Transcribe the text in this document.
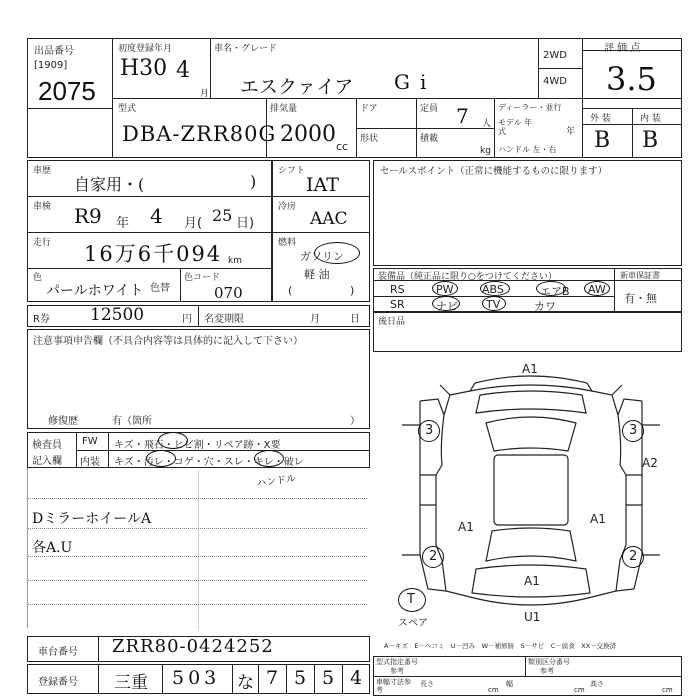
出品番号
[1909]
2075
初度登録年月
H30 4
月
車名・グレード
エスクァイア Gi
2WD
4WD
評 価 点
3.5
外 装	内 装
B B
型式
DBA-ZRR80G
排気量
2000 cc
ドア
形状
定員 7 人
積載
kg
ディーラー・並行
モデル 年式	年
ハンドル 左・右
車歴
自家用・(	)
車検 R9 年 4 月( 25 日)
走行 16万6千094 km
色
パールホワイト 色替
色コード
070
シフト
IAT
冷房
AAC
燃料
ガソリン
軽 油
(	)
セールスポイント（正常に機能するものに限ります）
装備品（純正品に限り○をつけてください）
RS	PW	ABS	エアB AW
SR	ナビ	TV	カワ
新車保証書
有・無
R券 12500	円 名変期限	月	日 後日品
注意事項申告欄（不具合内容等は具体的に記入して下さい）
修復歴	有（箇所	）
検査員
記入欄
FW キズ・飛石・ヒビ割・リペア跡・X要
内装 キズ・汚レ・コゲ・穴・スレ・キレ・破レ
ハンドル
DミラーホイールA
各A.U
A1
A1
A1
A1
A2
U1
3	3
2	2
T
スペア
A－キズ　E－ヘコミ　U－凹み　W－補修跡　S－サビ　C－腐食　XX－交換済
車台番号 ZRR80-0424252
登録番号 三重 503 な 7 5 5 4
型式指定番号
参考
類別区分番号
参考
車幅寸法参考
長さ
cm
幅
cm
高さ
cm
